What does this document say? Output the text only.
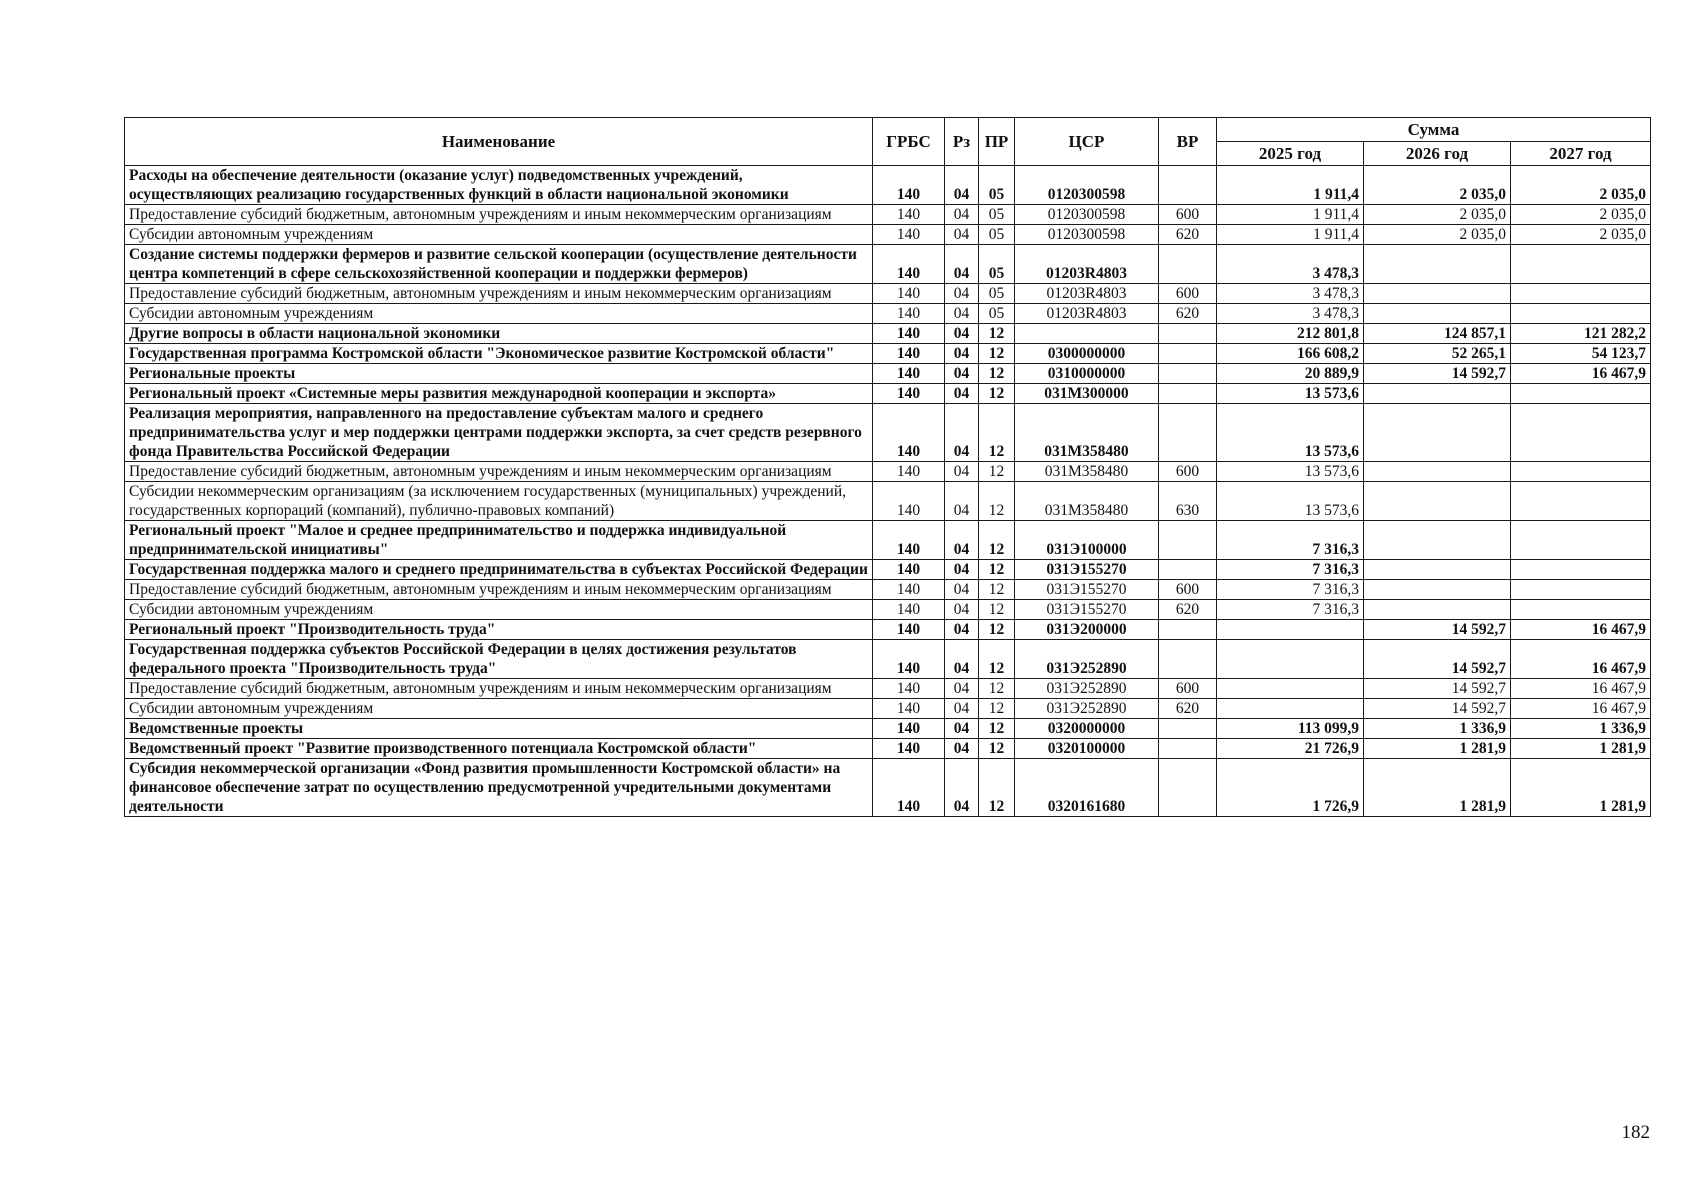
Наименование	ГРБС	Рз	ПР	ЦСР	ВР	Сумма		
						2025 год	2026 год	2027 год
Расходы на обеспечение деятельности (оказание услуг) подведомственных учреждений, осуществляющих реализацию государственных функций в области национальной экономики	140	04	05	0120300598		1 911,4	2 035,0	2 035,0
Предоставление субсидий бюджетным, автономным учреждениям и иным некоммерческим организациям	140	04	05	0120300598	600	1 911,4	2 035,0	2 035,0
Субсидии автономным учреждениям	140	04	05	0120300598	620	1 911,4	2 035,0	2 035,0
Создание системы поддержки фермеров и развитие сельской кооперации (осуществление деятельности центра компетенций в сфере сельскохозяйственной кооперации и поддержки фермеров)	140	04	05	01203R4803		3 478,3		
Предоставление субсидий бюджетным, автономным учреждениям и иным некоммерческим организациям	140	04	05	01203R4803	600	3 478,3		
Субсидии автономным учреждениям	140	04	05	01203R4803	620	3 478,3		
Другие вопросы в области национальной экономики	140	04	12			212 801,8	124 857,1	121 282,2
Государственная программа Костромской области "Экономическое развитие Костромской области"	140	04	12	0300000000		166 608,2	52 265,1	54 123,7
Региональные проекты	140	04	12	0310000000		20 889,9	14 592,7	16 467,9
Региональный проект «Системные меры развития международной кооперации и экспорта»	140	04	12	031М300000		13 573,6		
Реализация мероприятия, направленного на предоставление субъектам малого и среднего предпринимательства услуг и мер поддержки центрами поддержки экспорта, за счет средств резервного фонда Правительства Российской Федерации	140	04	12	031М358480		13 573,6		
Предоставление субсидий бюджетным, автономным учреждениям и иным некоммерческим организациям	140	04	12	031М358480	600	13 573,6		
Субсидии некоммерческим организациям (за исключением государственных (муниципальных) учреждений, государственных корпораций (компаний), публично-правовых компаний)	140	04	12	031М358480	630	13 573,6		
Региональный проект "Малое и среднее предпринимательство и поддержка индивидуальной предпринимательской инициативы"	140	04	12	031Э100000		7 316,3		
Государственная поддержка малого и среднего предпринимательства в субъектах Российской Федерации	140	04	12	031Э155270		7 316,3		
Предоставление субсидий бюджетным, автономным учреждениям и иным некоммерческим организациям	140	04	12	031Э155270	600	7 316,3		
Субсидии автономным учреждениям	140	04	12	031Э155270	620	7 316,3		
Региональный проект "Производительность труда"	140	04	12	031Э200000			14 592,7	16 467,9
Государственная поддержка субъектов Российской Федерации в целях достижения результатов федерального проекта "Производительность труда"	140	04	12	031Э252890			14 592,7	16 467,9
Предоставление субсидий бюджетным, автономным учреждениям и иным некоммерческим организациям	140	04	12	031Э252890	600		14 592,7	16 467,9
Субсидии автономным учреждениям	140	04	12	031Э252890	620		14 592,7	16 467,9
Ведомственные проекты	140	04	12	0320000000		113 099,9	1 336,9	1 336,9
Ведомственный проект "Развитие производственного потенциала Костромской области"	140	04	12	0320100000		21 726,9	1 281,9	1 281,9
Субсидия некоммерческой организации «Фонд развития промышленности Костромской области» на финансовое обеспечение затрат по осуществлению предусмотренной учредительными документами деятельности	140	04	12	0320161680		1 726,9	1 281,9	1 281,9
182
